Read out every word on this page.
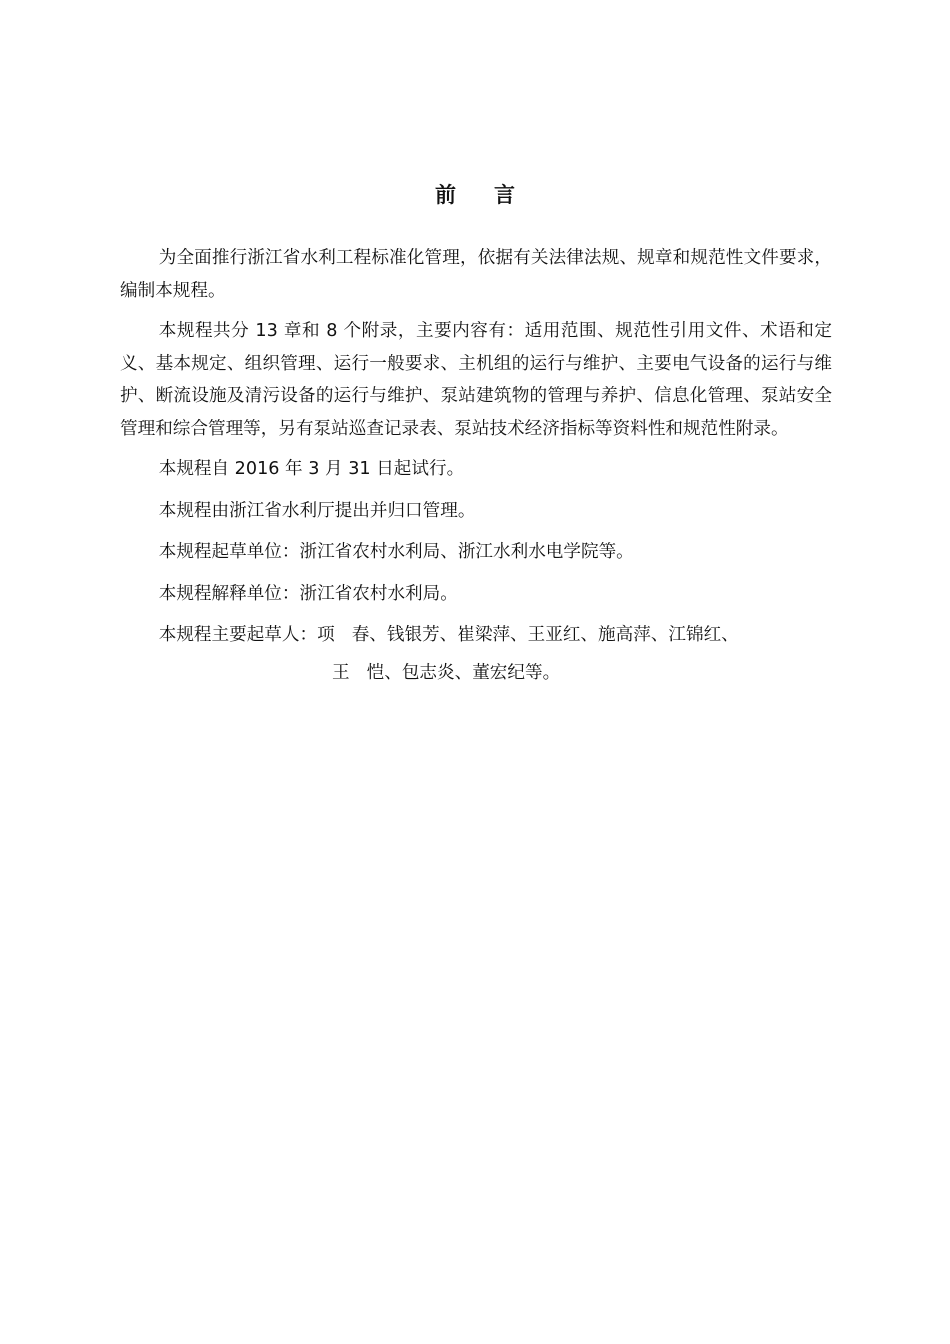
前言

为全面推行浙江省水利工程标准化管理，依据有关法律法规、规章和规范性文件要求，编制本规程。

本规程共分 13 章和 8 个附录，主要内容有：适用范围、规范性引用文件、术语和定义、基本规定、组织管理、运行一般要求、主机组的运行与维护、主要电气设备的运行与维护、断流设施及清污设备的运行与维护、泵站建筑物的管理与养护、信息化管理、泵站安全管理和综合管理等，另有泵站巡查记录表、泵站技术经济指标等资料性和规范性附录。

本规程自 2016 年 3 月 31 日起试行。

本规程由浙江省水利厅提出并归口管理。

本规程起草单位：浙江省农村水利局、浙江水利水电学院等。

本规程解释单位：浙江省农村水利局。

本规程主要起草人：项 春、钱银芳、崔梁萍、王亚红、施高萍、江锦红、

王 恺、包志炎、董宏纪等。
